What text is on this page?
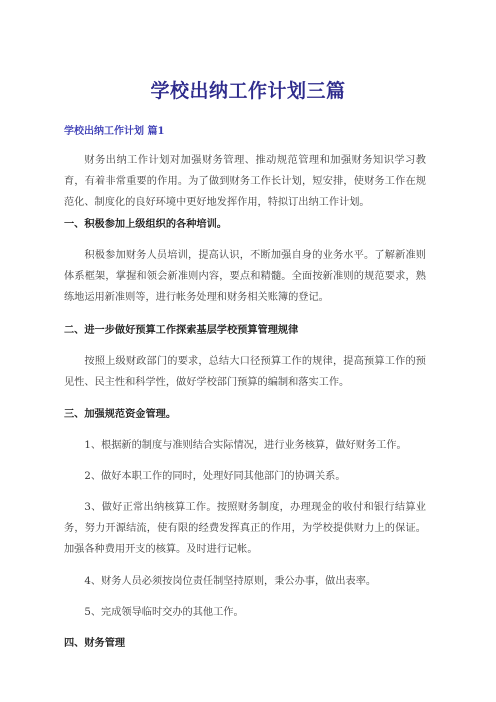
学校出纳工作计划三篇

学校出纳工作计划 篇1

财务出纳工作计划对加强财务管理、推动规范管理和加强财务知识学习教育，有着非常重要的作用。为了做到财务工作长计划，短安排，使财务工作在规范化、制度化的良好环境中更好地发挥作用，特拟订出纳工作计划。

一、积极参加上级组织的各种培训。

积极参加财务人员培训，提高认识，不断加强自身的业务水平。了解新准则体系框架，掌握和领会新准则内容，要点和精髓。全面按新准则的规范要求，熟练地运用新准则等，进行帐务处理和财务相关账簿的登记。

二、进一步做好预算工作探索基层学校预算管理规律

按照上级财政部门的要求，总结大口径预算工作的规律，提高预算工作的预见性、民主性和科学性，做好学校部门预算的编制和落实工作。

三、加强规范资金管理。

1、根据新的制度与准则结合实际情况，进行业务核算，做好财务工作。

2、做好本职工作的同时，处理好同其他部门的协调关系。

3、做好正常出纳核算工作。按照财务制度，办理现金的收付和银行结算业务，努力开源结流，使有限的经费发挥真正的作用，为学校提供财力上的保证。加强各种费用开支的核算。及时进行记帐。

4、财务人员必须按岗位责任制坚持原则，秉公办事，做出表率。

5、完成领导临时交办的其他工作。

四、财务管理
